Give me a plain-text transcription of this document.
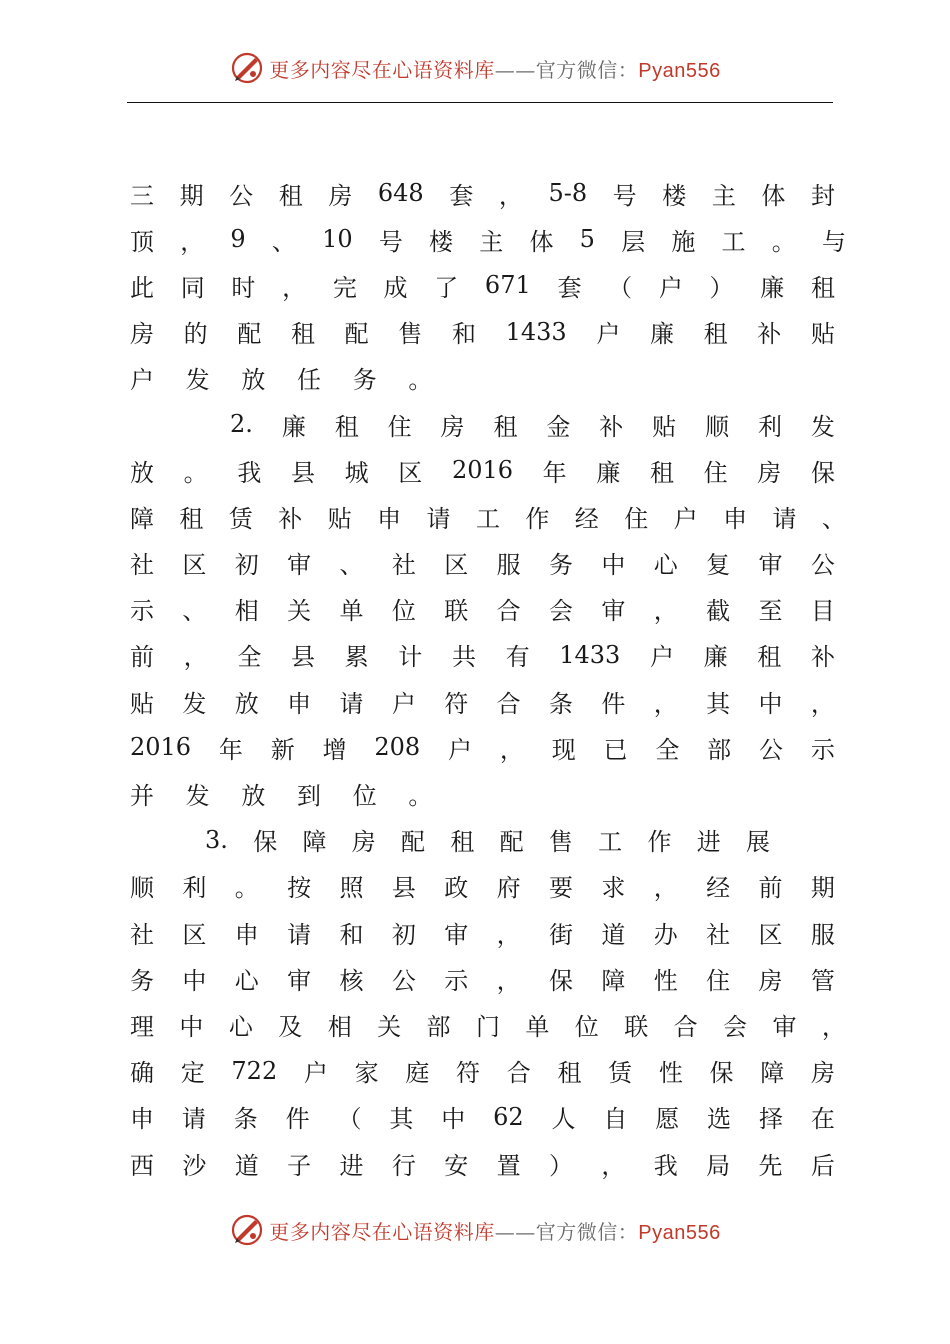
更多内容尽在心语资料库——官方微信：Pyan556
三 期 公 租 房 648 套 ， 5-8 号 楼 主 体 封
顶 ， 9 、 10 号 楼 主 体 5 层 施 工 。 与
此 同 时 ， 完 成 了 671 套 （ 户 ） 廉 租
房 的 配 租 配 售 和 1433 户 廉 租 补 贴
户 发 放 任 务 。
2. 廉 租 住 房 租 金 补 贴 顺 利 发
放 。 我 县 城 区 2016 年 廉 租 住 房 保
障 租 赁 补 贴 申 请 工 作 经 住 户 申 请 、
社 区 初 审 、 社 区 服 务 中 心 复 审 公
示 、 相 关 单 位 联 合 会 审 ， 截 至 目
前 ， 全 县 累 计 共 有 1433 户 廉 租 补
贴 发 放 申 请 户 符 合 条 件 ， 其 中 ，
2016 年 新 增 208 户 ， 现 已 全 部 公 示
并 发 放 到 位 。
3. 保 障 房 配 租 配 售 工 作 进 展
顺 利 。 按 照 县 政 府 要 求 ， 经 前 期
社 区 申 请 和 初 审 ， 街 道 办 社 区 服
务 中 心 审 核 公 示 ， 保 障 性 住 房 管
理 中 心 及 相 关 部 门 单 位 联 合 会 审 ，
确 定 722 户 家 庭 符 合 租 赁 性 保 障 房
申 请 条 件 （ 其 中 62 人 自 愿 选 择 在
西 沙 道 子 进 行 安 置 ） ， 我 局 先 后
更多内容尽在心语资料库——官方微信：Pyan556
